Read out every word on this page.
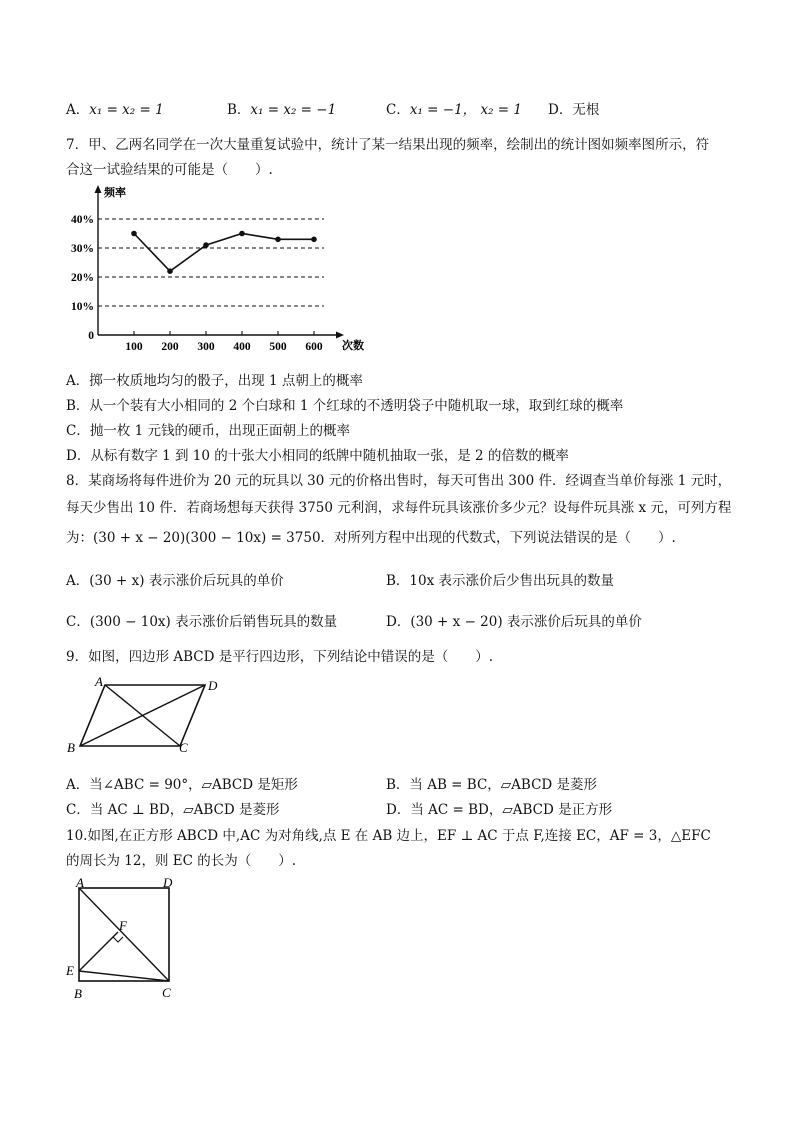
A．x₁ = x₂ = 1	B．x₁ = x₂ = −1	C．x₁ = −1， x₂ = 1 D．无根
7．甲、乙两名同学在一次大量重复试验中，统计了某一结果出现的频率，绘制出的统计图如频率图所示，符
合这一试验结果的可能是（　　）.
频率
次数
0
10%
20%
30%
40%
100 200 300 400 500 600
A．掷一枚质地均匀的骰子，出现 1 点朝上的概率
B．从一个装有大小相同的 2 个白球和 1 个红球的不透明袋子中随机取一球，取到红球的概率
C．抛一枚 1 元钱的硬币，出现正面朝上的概率
D．从标有数字 1 到 10 的十张大小相同的纸牌中随机抽取一张，是 2 的倍数的概率
8．某商场将每件进价为 20 元的玩具以 30 元的价格出售时，每天可售出 300 件．经调查当单价每涨 1 元时，
每天少售出 10 件．若商场想每天获得 3750 元利润，求每件玩具该涨价多少元？设每件玩具涨 x 元，可列方程
为：(30 + x − 20)(300 − 10x) = 3750．对所列方程中出现的代数式，下列说法错误的是（　　）.
A．(30 + x) 表示涨价后玩具的单价	B．10x 表示涨价后少售出玩具的数量
C．(300 − 10x) 表示涨价后销售玩具的数量	D．(30 + x − 20) 表示涨价后玩具的单价
9．如图，四边形 ABCD 是平行四边形，下列结论中错误的是（　　）.
A	D
B	C
A．当∠ABC = 90°，▱ABCD 是矩形	B．当 AB = BC，▱ABCD 是菱形
C．当 AC ⊥ BD，▱ABCD 是菱形	D．当 AC = BD，▱ABCD 是正方形
10.如图,在正方形 ABCD 中,AC 为对角线,点 E 在 AB 边上，EF ⊥ AC 于点 F,连接 EC，AF = 3，△EFC
的周长为 12，则 EC 的长为（　　）.
A	D
F
E
B	C
